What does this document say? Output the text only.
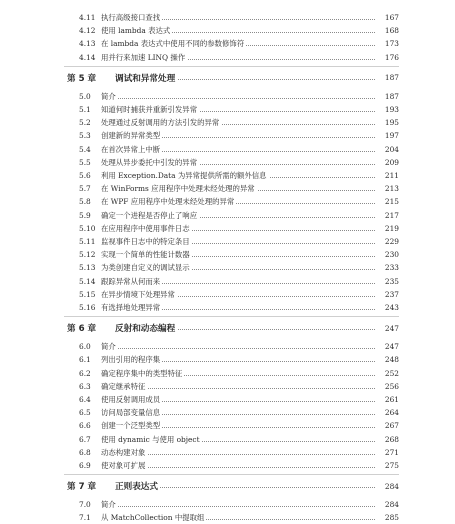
4.11 执行高级接口查找	167
4.12 使用 lambda 表达式	168
4.13 在 lambda 表达式中使用不同的参数修饰符	173
4.14 用并行来加速 LINQ 操作	176
第 5 章 调试和异常处理	187
5.0	简介	187
5.1	知道何时捕获并重新引发异常	193
5.2	处理通过反射调用的方法引发的异常	195
5.3	创建新的异常类型	197
5.4	在首次异常上中断	204
5.5	处理从异步委托中引发的异常	209
5.6	利用 Exception.Data 为异常提供所需的额外信息	211
5.7	在 WinForms 应用程序中处理未经处理的异常	213
5.8	在 WPF 应用程序中处理未经处理的异常	215
5.9	确定一个进程是否停止了响应	217
5.10 在应用程序中使用事件日志	219
5.11 监视事件日志中的特定条目	229
5.12 实现一个简单的性能计数器	230
5.13 为类创建自定义的调试显示	233
5.14 跟踪异常从何而来	235
5.15 在异步情境下处理异常	237
5.16 有选择地处理异常	243
第 6 章 反射和动态编程	247
6.0	简介	247
6.1	列出引用的程序集	248
6.2	确定程序集中的类型特征	252
6.3	确定继承特征	256
6.4	使用反射调用成员	261
6.5	访问局部变量信息	264
6.6	创建一个泛型类型	267
6.7	使用 dynamic 与使用 object	268
6.8	动态构建对象	271
6.9	使对象可扩展	275
第 7 章 正则表达式	284
7.0	简介	284
7.1	从 MatchCollection 中提取组	285
